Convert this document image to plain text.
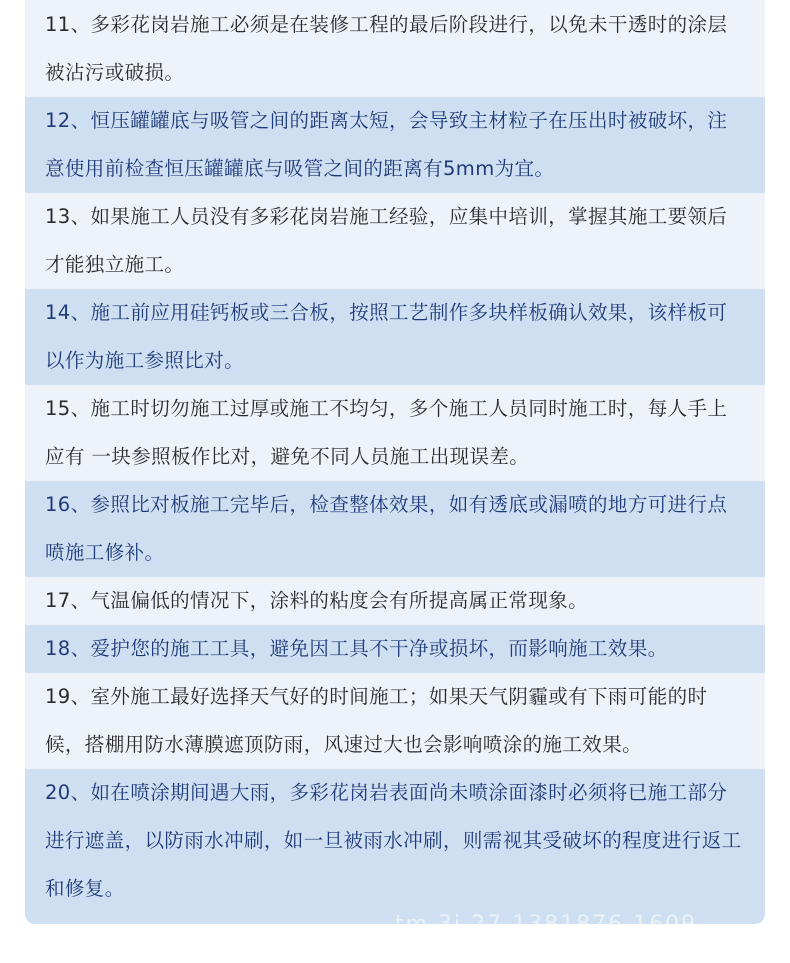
11、多彩花岗岩施工必须是在装修工程的最后阶段进行，以免未干透时的涂层被沾污或破损。
12、恒压罐罐底与吸管之间的距离太短，会导致主材粒子在压出时被破坏，注意使用前检查恒压罐罐底与吸管之间的距离有5mm为宜。
13、如果施工人员没有多彩花岗岩施工经验，应集中培训，掌握其施工要领后才能独立施工。
14、施工前应用硅钙板或三合板，按照工艺制作多块样板确认效果，该样板可以作为施工参照比对。
15、施工时切勿施工过厚或施工不均匀，多个施工人员同时施工时，每人手上应有 一块参照板作比对，避免不同人员施工出现误差。
16、参照比对板施工完毕后，检查整体效果，如有透底或漏喷的地方可进行点喷施工修补。
17、气温偏低的情况下，涂料的粘度会有所提高属正常现象。
18、爱护您的施工工具，避免因工具不干净或损坏，而影响施工效果。
19、室外施工最好选择天气好的时间施工；如果天气阴霾或有下雨可能的时候，搭棚用防水薄膜遮顶防雨，风速过大也会影响喷涂的施工效果。
20、如在喷涂期间遇大雨，多彩花岗岩表面尚未喷涂面漆时必须将已施工部分进行遮盖，以防雨水冲刷，如一旦被雨水冲刷，则需视其受破坏的程度进行返工和修复。
tm 3i 27 1381876 1609
